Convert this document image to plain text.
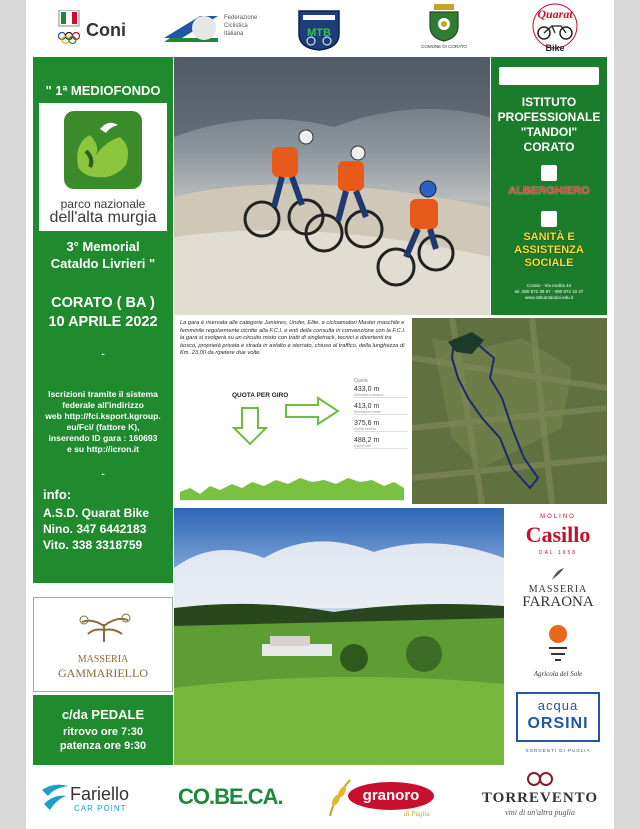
Coni
Federazione
Ciclistica
Italiana	MTB
COMUNE DI CORATO
Quarat
Bike
" 1ª MEDIOFONDO
parco nazionale
dell'alta murgia
3° Memorial
Cataldo Livrieri "
CORATO ( BA )
10 APRILE 2022
-
Iscrizioni tramite il sistema
federale all'indirizzo
web http://fci.ksport.kgroup.
eu/Fci/ (fattore K),
inserendo ID gara : 160693
e su http://icron.it
-
info:
A.S.D. Quarat Bike
Nino. 347 6442183
Vito. 338 3318759
ISTITUTO
PROFESSIONALE
"TANDOI"
CORATO
ALBERGHIERO
SANITÀ E
ASSISTENZA
SOCIALE
Corato - Via Andria 44
tel. 080 872 39 97 - 080 872 10 47
www.istitutotandoi.edu.it
La gara è riservata alle categorie Juniores, Under, Elite, e cicloamatori Master maschile e femminile regolarmente iscritte alla F.C.I. e enti della consulta in convenzione con la F.C.I. la gara si svolgerà su un circuito misto con tratti di singletrack, tecnici e divertenti tra bosco, proprietà privata e strada in asfalto e sterrato, chiuso al traffico, della lunghezza di Km. 23,00 da ripetere due volte.
QUOTA PER GIRO
Quota
433,0 m
Altitudine massima
413,0 m
Elevazione totale
375,6 m
Quota minima
488,2 m
Quota max
MASSERIA
GAMMARIELLO
c/da PEDALE
ritrovo ore 7:30
patenza ore 9:30
MOLINO
Casillo
DAL 1958
MASSERIA
FARAONA
Agricola del Sole
acqua
ORSINI
SORGENTI DI PUGLIA
Fariello
CAR POINT CO.BE.CA.	granoro
di Puglia
TORREVENTO
vini di un'altra puglia
